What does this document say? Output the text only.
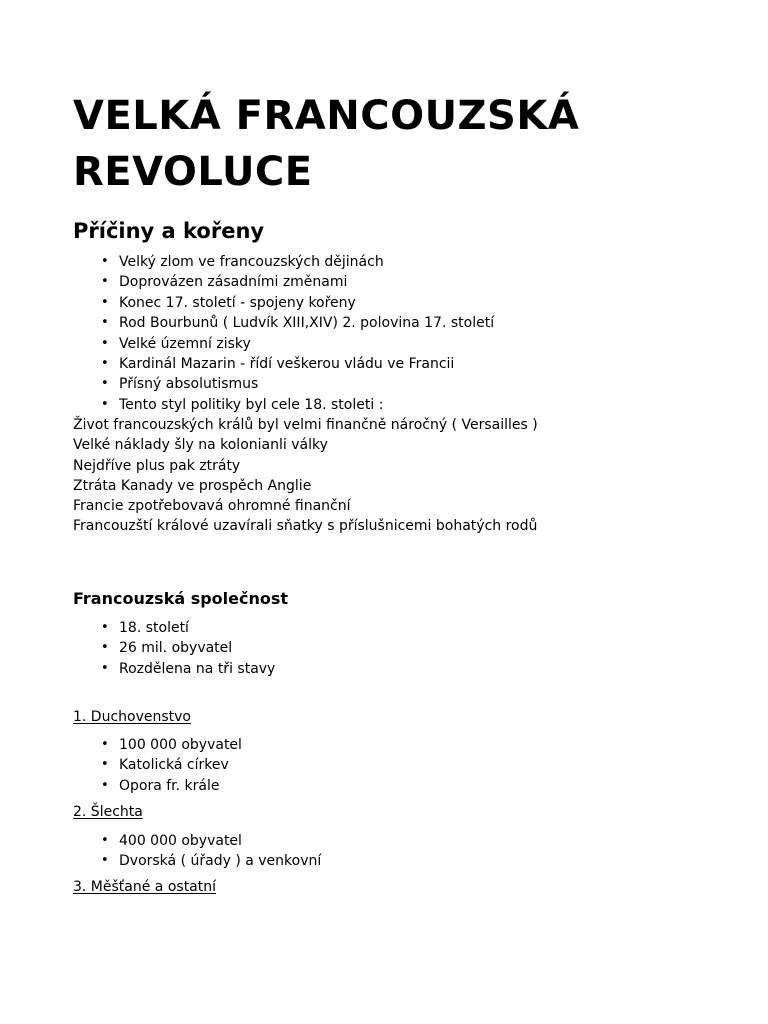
VELKÁ FRANCOUZSKÁ
REVOLUCE
Příčiny a kořeny
• Velký zlom ve francouzských dějinách
• Doprovázen zásadními změnami
• Konec 17. století - spojeny kořeny
• Rod Bourbunů ( Ludvík XIII,XIV) 2. polovina 17. století
• Velké územní zisky
• Kardinál Mazarin - řídí veškerou vládu ve Francii
• Přísný absolutismus
• Tento styl politiky byl cele 18. stoleti :
Život francouzských králů byl velmi finančně náročný ( Versailles )
Velké náklady šly na kolonianli války
Nejdříve plus pak ztráty
Ztráta Kanady ve prospěch Anglie
Francie zpotřebovavá ohromné finanční
Francouzští králové uzavírali sňatky s příslušnicemi bohatých rodů
Francouzská společnost
• 18. století
• 26 mil. obyvatel
• Rozdělena na tři stavy

1. Duchovenstvo

• 100 000 obyvatel
• Katolická církev
• Opora fr. krále

2. Šlechta

• 400 000 obyvatel
• Dvorská ( úřady ) a venkovní

3. Měšťané a ostatní
